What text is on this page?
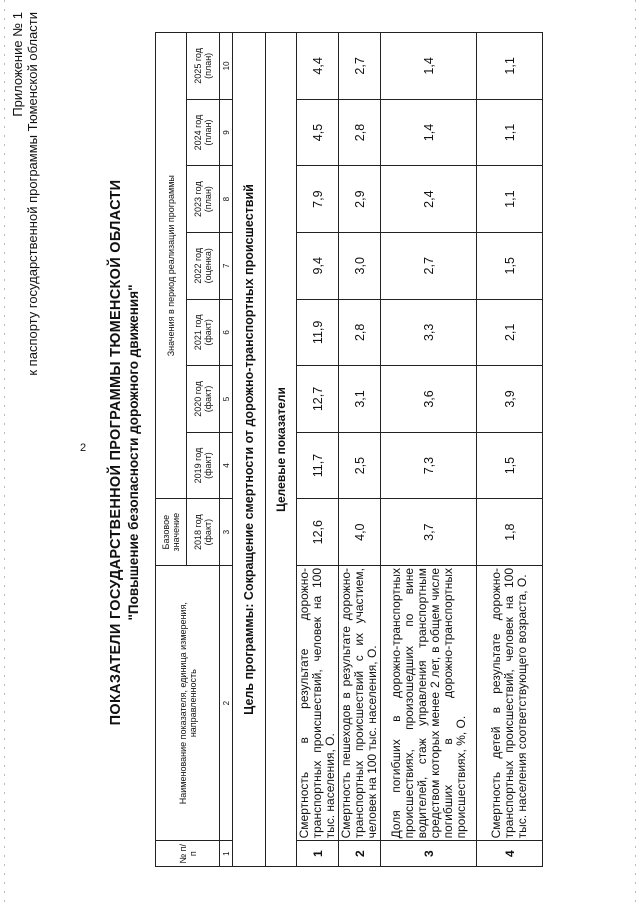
2
Приложение № 1 к паспорту государственной программы Тюменской области	ПОКАЗАТЕЛИ ГОСУДАРСТВЕННОЙ ПРОГРАММЫ ТЮМЕНСКОЙ ОБЛАСТИ "Повышение безопасности дорожного движения"
№ п/п	Наименование показателя, единица измерения, направленность	Базовое значение	Значения в период реализации программы						
		2018 год (факт)	2019 год (факт)	2020 год (факт)	2021 год (факт)	2022 год (оценка)	2023 год (план)	2024 год (план)	2025 год (план)
1	2	3	4	5	6	7	8	9	10
Цель программы: Сокращение смертности от дорожно-транспортных происшествий									
Целевые показатели									
1	Смертность в результате дорожно-транспортных происшествий, человек на 100 тыс. населения, О.	12,6	11,7	12,7	11,9	9,4	7,9	4,5	4,4
2	Смертность пешеходов в результате дорожно-транспортных происшествий с их участием, человек на 100 тыс. населения, О.	4,0	2,5	3,1	2,8	3,0	2,9	2,8	2,7
3	Доля погибших в дорожно-транспортных происшествиях, произошедших по вине водителей, стаж управления транспортным средством которых менее 2 лет, в общем числе погибших в дорожно-транспортных происшествиях, %, О.	3,7	7,3	3,6	3,3	2,7	2,4	1,4	1,4
4	Смертность детей в результате дорожно-транспортных происшествий, человек на 100 тыс. населения соответствующего возраста, О.	1,8	1,5	3,9	2,1	1,5	1,1	1,1	1,1
